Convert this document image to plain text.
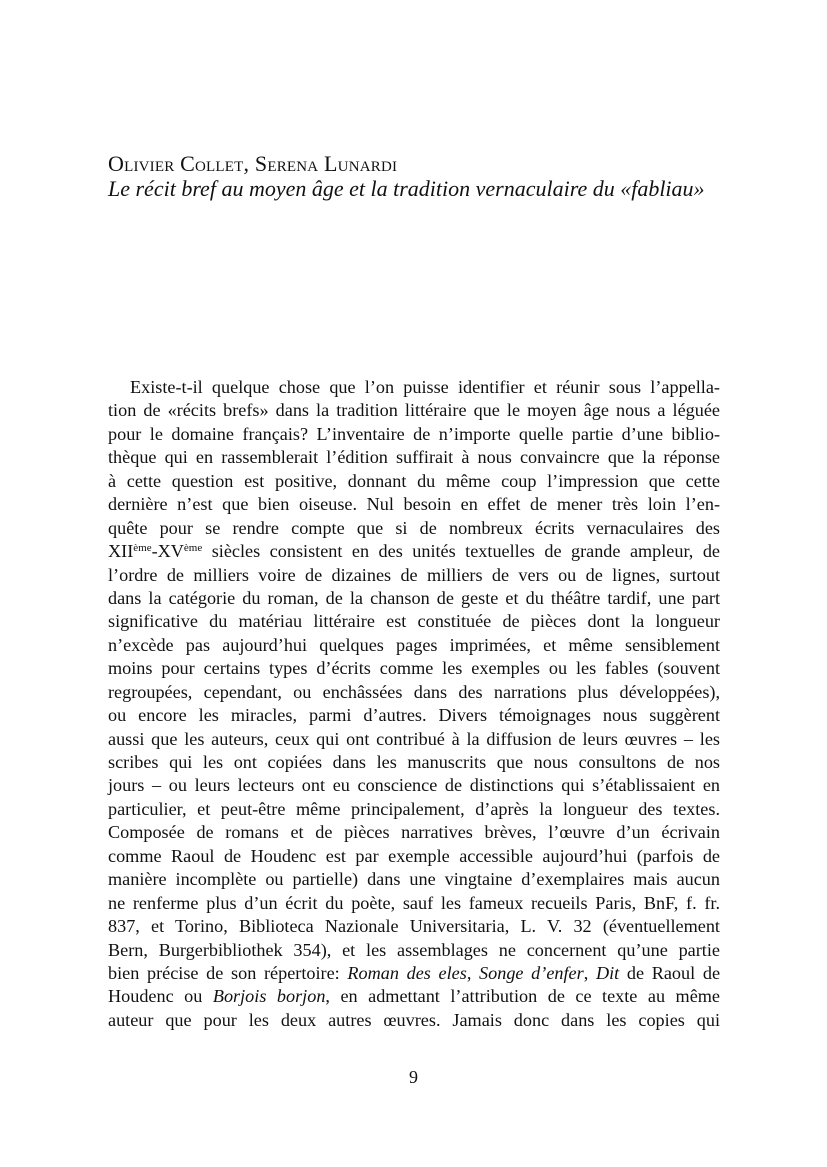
Olivier Collet, Serena Lunardi
Le récit bref au moyen âge et la tradition vernaculaire du «fabliau»
Existe-t-il quelque chose que l’on puisse identifier et réunir sous l’appella-
tion de «récits brefs» dans la tradition littéraire que le moyen âge nous a léguée
pour le domaine français? L’inventaire de n’importe quelle partie d’une biblio-
thèque qui en rassemblerait l’édition suffirait à nous convaincre que la réponse
à cette question est positive, donnant du même coup l’impression que cette
dernière n’est que bien oiseuse. Nul besoin en effet de mener très loin l’en-
quête pour se rendre compte que si de nombreux écrits vernaculaires des
XIIème-XVème siècles consistent en des unités textuelles de grande ampleur, de
l’ordre de milliers voire de dizaines de milliers de vers ou de lignes, surtout
dans la catégorie du roman, de la chanson de geste et du théâtre tardif, une part
significative du matériau littéraire est constituée de pièces dont la longueur
n’excède pas aujourd’hui quelques pages imprimées, et même sensiblement
moins pour certains types d’écrits comme les exemples ou les fables (souvent
regroupées, cependant, ou enchâssées dans des narrations plus développées),
ou encore les miracles, parmi d’autres. Divers témoignages nous suggèrent
aussi que les auteurs, ceux qui ont contribué à la diffusion de leurs œuvres – les
scribes qui les ont copiées dans les manuscrits que nous consultons de nos
jours – ou leurs lecteurs ont eu conscience de distinctions qui s’établissaient en
particulier, et peut-être même principalement, d’après la longueur des textes.
Composée de romans et de pièces narratives brèves, l’œuvre d’un écrivain
comme Raoul de Houdenc est par exemple accessible aujourd’hui (parfois de
manière incomplète ou partielle) dans une vingtaine d’exemplaires mais aucun
ne renferme plus d’un écrit du poète, sauf les fameux recueils Paris, BnF, f. fr.
837, et Torino, Biblioteca Nazionale Universitaria, L. V. 32 (éventuellement
Bern, Burgerbibliothek 354), et les assemblages ne concernent qu’une partie
bien précise de son répertoire: Roman des eles, Songe d’enfer, Dit de Raoul de
Houdenc ou Borjois borjon, en admettant l’attribution de ce texte au même
auteur que pour les deux autres œuvres. Jamais donc dans les copies qui
9
